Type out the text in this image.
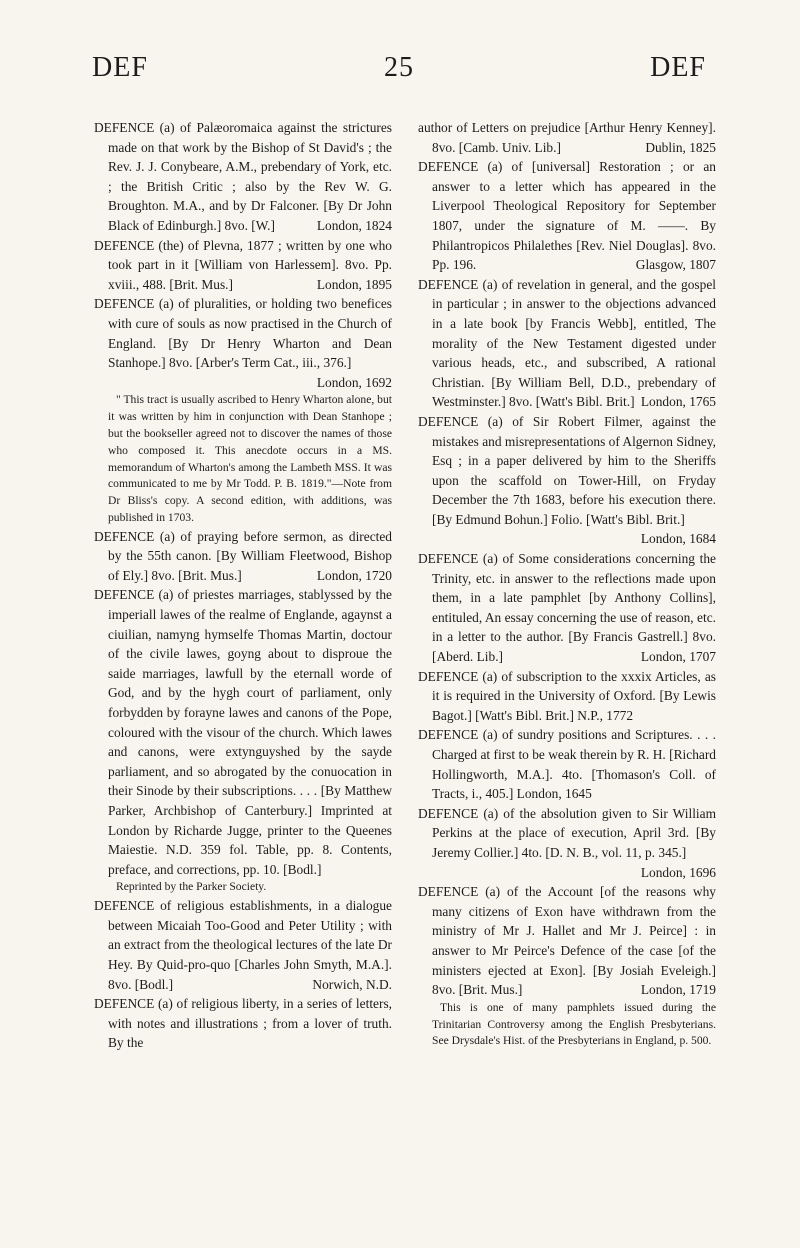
DEF	25	DEF

DEFENCE (a) of Palæoromaica against the strictures made on that work by the Bishop of St David's ; the Rev. J. J. Conybeare, A.M., prebendary of York, etc. ; the British Critic ; also by the Rev W. G. Broughton. M.A., and by Dr Falconer. [By Dr John Black of Edinburgh.] 8vo. [W.]	London, 1824

DEFENCE (the) of Plevna, 1877 ; written by one who took part in it [William von Harlessem]. 8vo. Pp. xviii., 488. [Brit. Mus.]	London, 1895

DEFENCE (a) of pluralities, or holding two benefices with cure of souls as now practised in the Church of England. [By Dr Henry Wharton and Dean Stanhope.] 8vo. [Arber's Term Cat., iii., 376.]
London, 1692

" This tract is usually ascribed to Henry Wharton alone, but it was written by him in conjunction with Dean Stanhope ; but the bookseller agreed not to discover the names of those who composed it. This anecdote occurs in a MS. memorandum of Wharton's among the Lambeth MSS. It was communicated to me by Mr Todd. P. B. 1819."—Note from Dr Bliss's copy. A second edition, with additions, was published in 1703.

DEFENCE (a) of praying before sermon, as directed by the 55th canon. [By William Fleetwood, Bishop of Ely.] 8vo. [Brit. Mus.]	London, 1720

DEFENCE (a) of priestes marriages, stablyssed by the imperiall lawes of the realme of Englande, agaynst a ciuilian, namyng hymselfe Thomas Martin, doctour of the civile lawes, goyng about to disproue the saide marriages, lawfull by the eternall worde of God, and by the hygh court of parliament, only forbydden by forayne lawes and canons of the Pope, coloured with the visour of the church. Which lawes and canons, were extynguyshed by the sayde parliament, and so abrogated by the conuocation in their Sinode by their subscriptions. . . . [By Matthew Parker, Archbishop of Canterbury.] Imprinted at London by Richarde Jugge, printer to the Queenes Maiestie. N.D. 359 fol. Table, pp. 8. Contents, preface, and corrections, pp. 10. [Bodl.]

Reprinted by the Parker Society.

DEFENCE of religious establishments, in a dialogue between Micaiah Too-Good and Peter Utility ; with an extract from the theological lectures of the late Dr Hey. By Quid-pro-quo [Charles John Smyth, M.A.]. 8vo. [Bodl.]	Norwich, N.D.

DEFENCE (a) of religious liberty, in a series of letters, with notes and illustrations ; from a lover of truth. By the

author of Letters on prejudice [Arthur Henry Kenney]. 8vo. [Camb. Univ. Lib.]	Dublin, 1825

DEFENCE (a) of [universal] Restoration ; or an answer to a letter which has appeared in the Liverpool Theological Repository for September 1807, under the signature of M. ——. By Philantropicos Philalethes [Rev. Niel Douglas]. 8vo. Pp. 196.	Glasgow, 1807

DEFENCE (a) of revelation in general, and the gospel in particular ; in answer to the objections advanced in a late book [by Francis Webb], entitled, The morality of the New Testament digested under various heads, etc., and subscribed, A rational Christian. [By William Bell, D.D., prebendary of Westminster.] 8vo. [Watt's Bibl. Brit.] London, 1765

DEFENCE (a) of Sir Robert Filmer, against the mistakes and misrepresentations of Algernon Sidney, Esq ; in a paper delivered by him to the Sheriffs upon the scaffold on Tower-Hill, on Fryday December the 7th 1683, before his execution there. [By Edmund Bohun.] Folio. [Watt's Bibl. Brit.]
London, 1684

DEFENCE (a) of Some considerations concerning the Trinity, etc. in answer to the reflections made upon them, in a late pamphlet [by Anthony Collins], entituled, An essay concerning the use of reason, etc. in a letter to the author. [By Francis Gastrell.] 8vo. [Aberd. Lib.]	London, 1707

DEFENCE (a) of subscription to the xxxix Articles, as it is required in the University of Oxford. [By Lewis Bagot.] [Watt's Bibl. Brit.] N.P., 1772

DEFENCE (a) of sundry positions and Scriptures. . . . Charged at first to be weak therein by R. H. [Richard Hollingworth, M.A.]. 4to. [Thomason's Coll. of Tracts, i., 405.] London, 1645

DEFENCE (a) of the absolution given to Sir William Perkins at the place of execution, April 3rd. [By Jeremy Collier.] 4to. [D. N. B., vol. 11, p. 345.]
London, 1696

DEFENCE (a) of the Account [of the reasons why many citizens of Exon have withdrawn from the ministry of Mr J. Hallet and Mr J. Peirce] : in answer to Mr Peirce's Defence of the case [of the ministers ejected at Exon]. [By Josiah Eveleigh.] 8vo. [Brit. Mus.]	London, 1719

This is one of many pamphlets issued during the Trinitarian Controversy among the English Presbyterians. See Drysdale's Hist. of the Presbyterians in England, p. 500.
